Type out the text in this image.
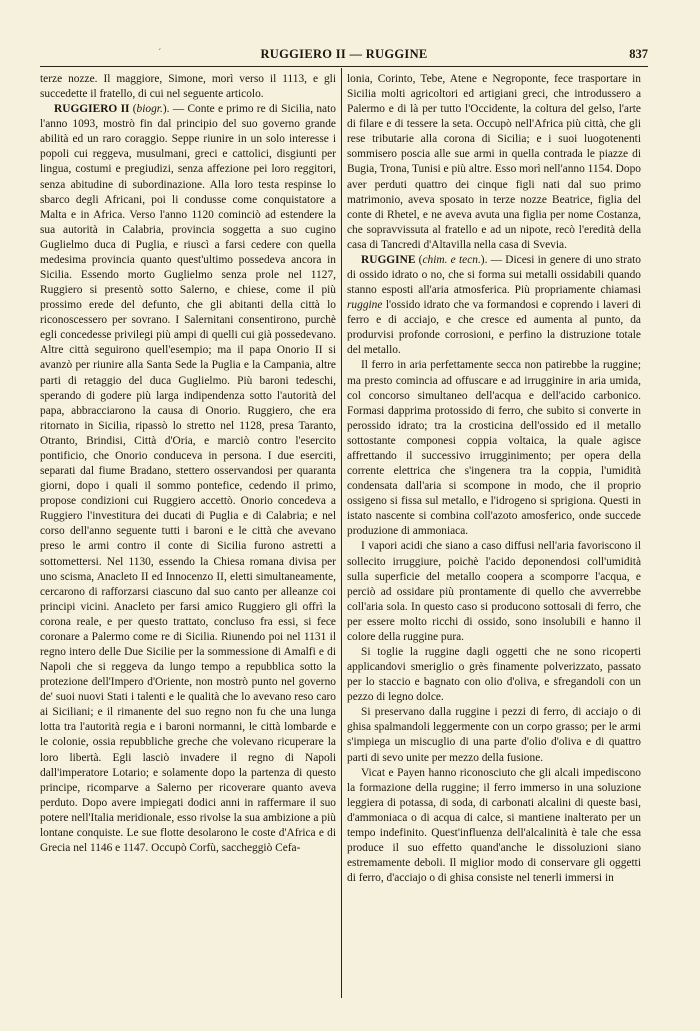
´	RUGGIERO II — RUGGINE	837

terze nozze. Il maggiore, Simone, morì verso il 1113, e gli succedette il fratello, di cui nel seguente articolo.

RUGGIERO II (biogr.). — Conte e primo re di Sicilia, nato l'anno 1093, mostrò fin dal principio del suo governo grande abilità ed un raro coraggio. Seppe riunire in un solo interesse i popoli cui reggeva, musulmani, greci e cattolici, disgiunti per lingua, costumi e pregiudizi, senza affezione pei loro reggitori, senza abitudine di subordinazione. Alla loro testa respinse lo sbarco degli Africani, poi li condusse come conquistatore a Malta e in Africa. Verso l'anno 1120 cominciò ad estendere la sua autorità in Calabria, provincia soggetta a suo cugino Guglielmo duca di Puglia, e riuscì a farsi cedere con quella medesima provincia quanto quest'ultimo possedeva ancora in Sicilia. Essendo morto Guglielmo senza prole nel 1127, Ruggiero si presentò sotto Salerno, e chiese, come il più prossimo erede del defunto, che gli abitanti della città lo riconoscessero per sovrano. I Salernitani consentirono, purchè egli concedesse privilegi più ampi di quelli cui già possedevano. Altre città seguirono quell'esempio; ma il papa Onorio II si avanzò per riunire alla Santa Sede la Puglia e la Campania, altre parti di retaggio del duca Guglielmo. Più baroni tedeschi, sperando di godere più larga indipendenza sotto l'autorità del papa, abbracciarono la causa di Onorio. Ruggiero, che era ritornato in Sicilia, ripassò lo stretto nel 1128, presa Taranto, Otranto, Brindisi, Città d'Oria, e marciò contro l'esercito pontificio, che Onorio conduceva in persona. I due eserciti, separati dal fiume Bradano, stettero osservandosi per quaranta giorni, dopo i quali il sommo pontefice, cedendo il primo, propose condizioni cui Ruggiero accettò. Onorio concedeva a Ruggiero l'investitura dei ducati di Puglia e di Calabria; e nel corso dell'anno seguente tutti i baroni e le città che avevano preso le armi contro il conte di Sicilia furono astretti a sottomettersi. Nel 1130, essendo la Chiesa romana divisa per uno scisma, Anacleto II ed Innocenzo II, eletti simultaneamente, cercarono di rafforzarsi ciascuno dal suo canto per alleanze coi principi vicini. Anacleto per farsi amico Ruggiero gli offrì la corona reale, e per questo trattato, concluso fra essi, si fece coronare a Palermo come re di Sicilia. Riunendo poi nel 1131 il regno intero delle Due Sicilie per la sommessione di Amalfi e di Napoli che si reggeva da lungo tempo a repubblica sotto la protezione dell'Impero d'Oriente, non mostrò punto nel governo de' suoi nuovi Stati i talenti e le qualità che lo avevano reso caro ai Siciliani; e il rimanente del suo regno non fu che una lunga lotta tra l'autorità regia e i baroni normanni, le città lombarde e le colonie, ossia repubbliche greche che volevano ricuperare la loro libertà. Egli lasciò invadere il regno di Napoli dall'imperatore Lotario; e solamente dopo la partenza di questo principe, ricomparve a Salerno per ricoverare quanto aveva perduto. Dopo avere impiegati dodici anni in raffermare il suo potere nell'Italia meridionale, esso rivolse la sua ambizione a più lontane conquiste. Le sue flotte desolarono le coste d'Africa e di Grecia nel 1146 e 1147. Occupò Corfù, saccheggiò Cefa-

lonia, Corinto, Tebe, Atene e Negroponte, fece trasportare in Sicilia molti agricoltori ed artigiani greci, che introdussero a Palermo e di là per tutto l'Occidente, la coltura del gelso, l'arte di filare e di tessere la seta. Occupò nell'Africa più città, che gli rese tributarie alla corona di Sicilia; e i suoi luogotenenti sommisero poscia alle sue armi in quella contrada le piazze di Bugia, Trona, Tunisi e più altre. Esso morì nell'anno 1154. Dopo aver perduti quattro dei cinque figli nati dal suo primo matrimonio, aveva sposato in terze nozze Beatrice, figlia del conte di Rhetel, e ne aveva avuta una figlia per nome Costanza, che sopravvissuta al fratello e ad un nipote, recò l'eredità della casa di Tancredi d'Altavilla nella casa di Svevia.

RUGGINE (chim. e tecn.). — Dicesi in genere di uno strato di ossido idrato o no, che si forma sui metalli ossidabili quando stanno esposti all'aria atmosferica. Più propriamente chiamasi ruggine l'ossido idrato che va formandosi e coprendo i laveri di ferro e di acciajo, e che cresce ed aumenta al punto, da produrvisi profonde corrosioni, e perfino la distruzione totale del metallo.

Il ferro in aria perfettamente secca non patirebbe la ruggine; ma presto comincia ad offuscare e ad irrugginire in aria umida, col concorso simultaneo dell'acqua e dell'acido carbonico. Formasi dapprima protossido di ferro, che subito si converte in perossido idrato; tra la crosticina dell'ossido ed il metallo sottostante componesi coppia voltaica, la quale agisce affrettando il successivo irrugginimento; per opera della corrente elettrica che s'ingenera tra la coppia, l'umidità condensata dall'aria si scompone in modo, che il proprio ossigeno si fissa sul metallo, e l'idrogeno si sprigiona. Questi in istato nascente si combina coll'azoto amosferico, onde succede produzione di ammoniaca.

I vapori acidi che siano a caso diffusi nell'aria favoriscono il sollecito irruggiure, poichè l'acido deponendosi coll'umidità sulla superficie del metallo coopera a scomporre l'acqua, e perciò ad ossidare più prontamente di quello che avverrebbe coll'aria sola. In questo caso si producono sottosali di ferro, che per essere molto ricchi di ossido, sono insolubili e hanno il colore della ruggine pura.

Si toglie la ruggine dagli oggetti che ne sono ricoperti applicandovi smeriglio o grès finamente polverizzato, passato per lo staccio e bagnato con olio d'oliva, e sfregandoli con un pezzo di legno dolce.

Si preservano dalla ruggine i pezzi di ferro, di acciajo o di ghisa spalmandoli leggermente con un corpo grasso; per le armi s'impiega un miscuglio di una parte d'olio d'oliva e di quattro parti di sevo unite per mezzo della fusione.

Vicat e Payen hanno riconosciuto che gli alcali impediscono la formazione della ruggine; il ferro immerso in una soluzione leggiera di potassa, di soda, di carbonati alcalini di queste basi, d'ammoniaca o di acqua di calce, si mantiene inalterato per un tempo indefinito. Quest'influenza dell'alcalinità è tale che essa produce il suo effetto quand'anche le dissoluzioni siano estremamente deboli. Il miglior modo di conservare gli oggetti di ferro, d'acciajo o di ghisa consiste nel tenerli immersi in
